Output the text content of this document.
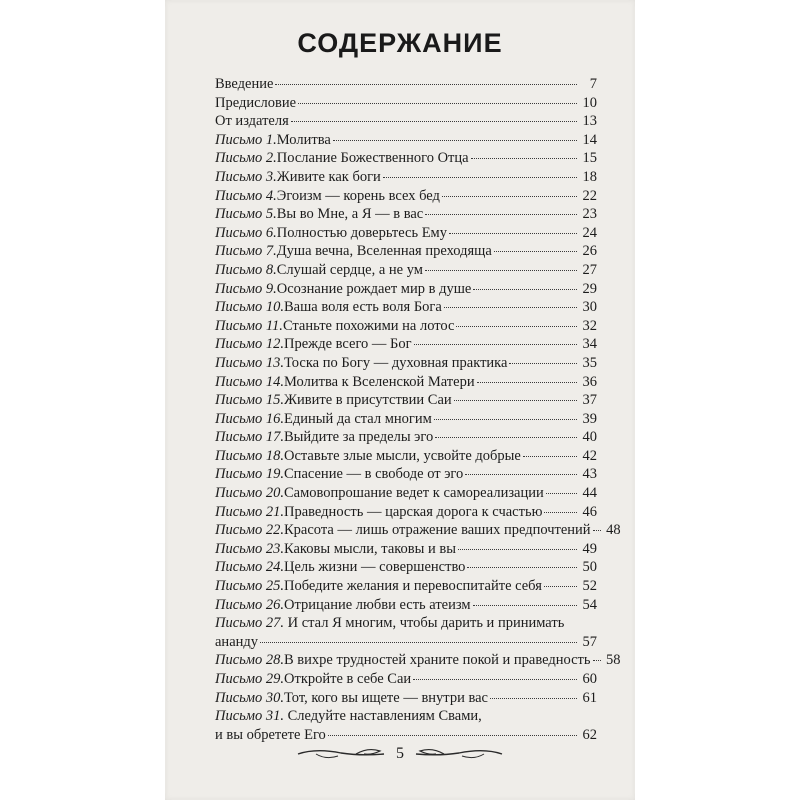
СОДЕРЖАНИЕ
Введение	7
Предисловие	10
От издателя	13
Письмо 1. Молитва	14
Письмо 2. Послание Божественного Отца	15
Письмо 3. Живите как боги	18
Письмо 4. Эгоизм — корень всех бед	22
Письмо 5. Вы во Мне, а Я — в вас	23
Письмо 6. Полностью доверьтесь Ему	24
Письмо 7. Душа вечна, Вселенная преходяща	26
Письмо 8. Слушай сердце, а не ум	27
Письмо 9. Осознание рождает мир в душе	29
Письмо 10. Ваша воля есть воля Бога	30
Письмо 11. Станьте похожими на лотос	32
Письмо 12. Прежде всего — Бог	34
Письмо 13. Тоска по Богу — духовная практика	35
Письмо 14. Молитва к Вселенской Матери	36
Письмо 15. Живите в присутствии Саи	37
Письмо 16. Единый да стал многим	39
Письмо 17. Выйдите за пределы эго	40
Письмо 18. Оставьте злые мысли, усвойте добрые	42
Письмо 19. Спасение — в свободе от эго	43
Письмо 20. Самовопрошание ведет к самореализации	44
Письмо 21. Праведность — царская дорога к счастью	46
Письмо 22. Красота — лишь отражение ваших предпочтений 48
Письмо 23. Каковы мысли, таковы и вы	49
Письмо 24. Цель жизни — совершенство	50
Письмо 25. Победите желания и перевоспитайте себя	52
Письмо 26. Отрицание любви есть атеизм	54
Письмо 27. И стал Я многим, чтобы дарить и принимать
ананду	57
Письмо 28. В вихре трудностей храните покой и праведность 58
Письмо 29. Откройте в себе Саи	60
Письмо 30. Тот, кого вы ищете — внутри вас	61
Письмо 31. Следуйте наставлениям Свами,
и вы обретете Его	62
5
